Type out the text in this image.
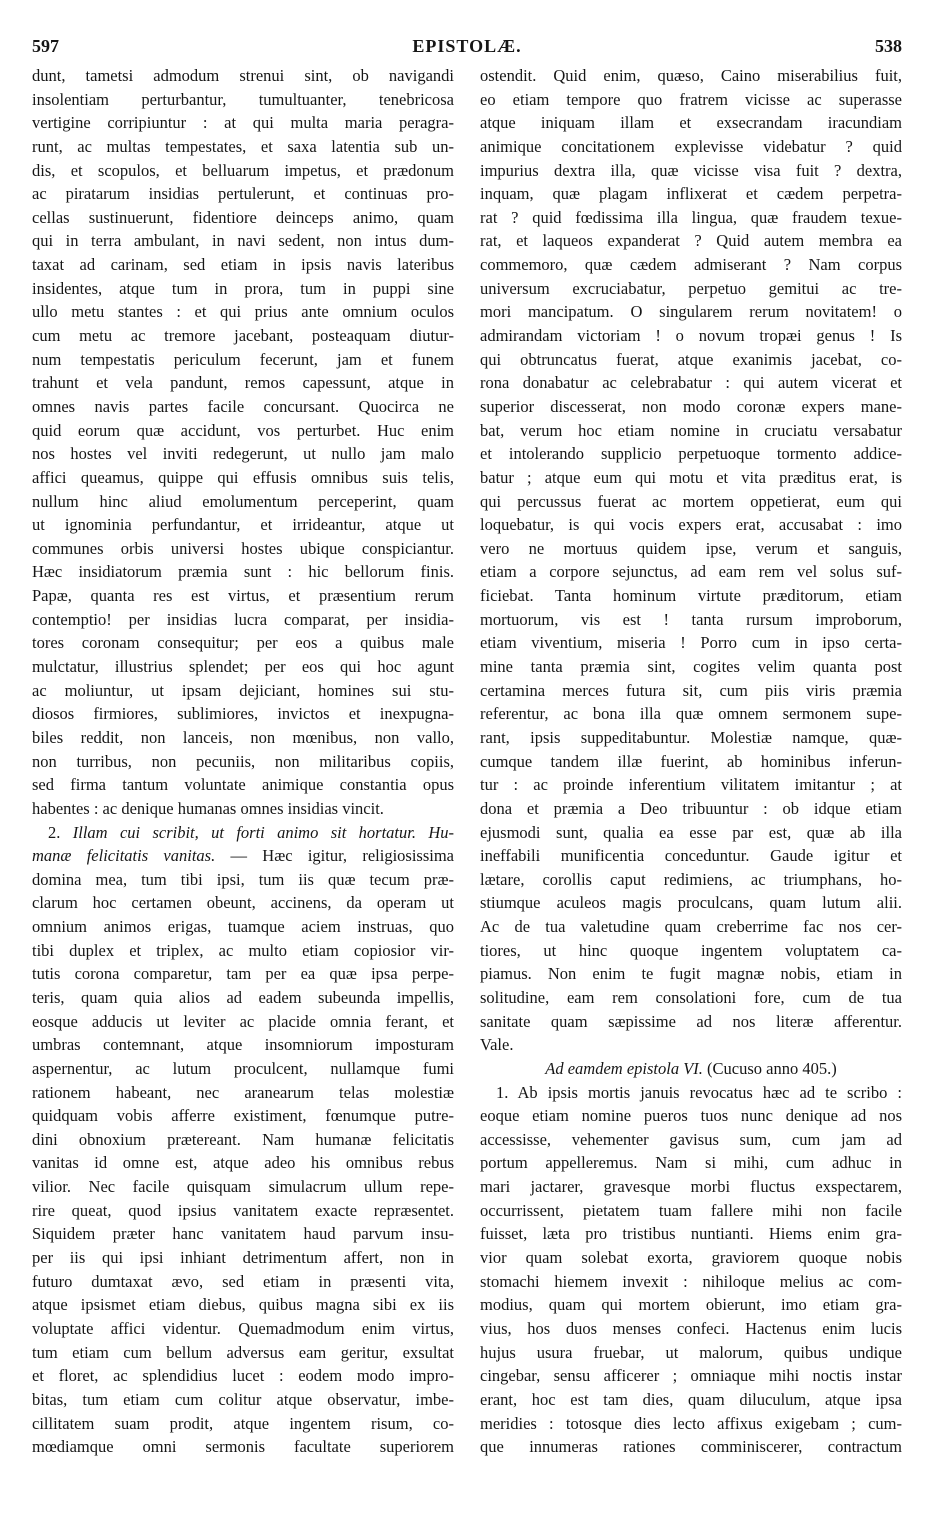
597	EPISTOLÆ.	538
dunt, tametsi admodum strenui sint, ob navigandi
insolentiam perturbantur, tumultuanter, tenebricosa
vertigine corripiuntur : at qui multa maria peragra-
runt, ac multas tempestates, et saxa latentia sub un-
dis, et scopulos, et belluarum impetus, et prædonum
ac piratarum insidias pertulerunt, et continuas pro-
cellas sustinuerunt, fidentiore deinceps animo, quam
qui in terra ambulant, in navi sedent, non intus dum-
taxat ad carinam, sed etiam in ipsis navis lateribus
insidentes, atque tum in prora, tum in puppi sine
ullo metu stantes : et qui prius ante omnium oculos
cum metu ac tremore jacebant, posteaquam diutur-
num tempestatis periculum fecerunt, jam et funem
trahunt et vela pandunt, remos capessunt, atque in
omnes navis partes facile concursant. Quocirca ne
quid eorum quæ accidunt, vos perturbet. Huc enim
nos hostes vel inviti redegerunt, ut nullo jam malo
affici queamus, quippe qui effusis omnibus suis telis,
nullum hinc aliud emolumentum perceperint, quam
ut ignominia perfundantur, et irrideantur, atque ut
communes orbis universi hostes ubique conspiciantur.
Hæc insidiatorum præmia sunt : hic bellorum finis.
Papæ, quanta res est virtus, et præsentium rerum
contemptio! per insidias lucra comparat, per insidia-
tores coronam consequitur; per eos a quibus male
mulctatur, illustrius splendet; per eos qui hoc agunt
ac moliuntur, ut ipsam dejiciant, homines sui stu-
diosos firmiores, sublimiores, invictos et inexpugna-
biles reddit, non lanceis, non mœnibus, non vallo,
non turribus, non pecuniis, non militaribus copiis,
sed firma tantum voluntate animique constantia opus
habentes : ac denique humanas omnes insidias vincit.
2. Illam cui scribit, ut forti animo sit hortatur. Hu-
manæ felicitatis vanitas. — Hæc igitur, religiosissima
domina mea, tum tibi ipsi, tum iis quæ tecum præ-
clarum hoc certamen obeunt, accinens, da operam ut
omnium animos erigas, tuamque aciem instruas, quo
tibi duplex et triplex, ac multo etiam copiosior vir-
tutis corona comparetur, tam per ea quæ ipsa perpe-
teris, quam quia alios ad eadem subeunda impellis,
eosque adducis ut leviter ac placide omnia ferant, et
umbras contemnant, atque insomniorum imposturam
aspernentur, ac lutum proculcent, nullamque fumi
rationem habeant, nec aranearum telas molestiæ
quidquam vobis afferre existiment, fœnumque putre-
dini obnoxium prætereant. Nam humanæ felicitatis
vanitas id omne est, atque adeo his omnibus rebus
vilior. Nec facile quisquam simulacrum ullum repe-
rire queat, quod ipsius vanitatem exacte repræsentet.
Siquidem præter hanc vanitatem haud parvum insu-
per iis qui ipsi inhiant detrimentum affert, non in
futuro dumtaxat ævo, sed etiam in præsenti vita,
atque ipsismet etiam diebus, quibus magna sibi ex iis
voluptate affici videntur. Quemadmodum enim virtus,
tum etiam cum bellum adversus eam geritur, exsultat
et floret, ac splendidius lucet : eodem modo impro-
bitas, tum etiam cum colitur atque observatur, imbe-
cillitatem suam prodit, atque ingentem risum, co-
mœdiamque omni sermonis facultate superiorem
ostendit. Quid enim, quæso, Caino miserabilius fuit,
eo etiam tempore quo fratrem vicisse ac superasse
atque iniquam illam et exsecrandam iracundiam
animique concitationem explevisse videbatur ? quid
impurius dextra illa, quæ vicisse visa fuit ? dextra,
inquam, quæ plagam inflixerat et cædem perpetra-
rat ? quid fœdissima illa lingua, quæ fraudem texue-
rat, et laqueos expanderat ? Quid autem membra ea
commemoro, quæ cædem admiserant ? Nam corpus
universum excruciabatur, perpetuo gemitui ac tre-
mori mancipatum. O singularem rerum novitatem! o
admirandam victoriam ! o novum tropæi genus ! Is
qui obtruncatus fuerat, atque exanimis jacebat, co-
rona donabatur ac celebrabatur : qui autem vicerat et
superior discesserat, non modo coronæ expers mane-
bat, verum hoc etiam nomine in cruciatu versabatur
et intolerando supplicio perpetuoque tormento addice-
batur ; atque eum qui motu et vita præditus erat, is
qui percussus fuerat ac mortem oppetierat, eum qui
loquebatur, is qui vocis expers erat, accusabat : imo
vero ne mortuus quidem ipse, verum et sanguis,
etiam a corpore sejunctus, ad eam rem vel solus suf-
ficiebat. Tanta hominum virtute præditorum, etiam
mortuorum, vis est ! tanta rursum improborum,
etiam viventium, miseria ! Porro cum in ipso certa-
mine tanta præmia sint, cogites velim quanta post
certamina merces futura sit, cum piis viris præmia
referentur, ac bona illa quæ omnem sermonem supe-
rant, ipsis suppeditabuntur. Molestiæ namque, quæ-
cumque tandem illæ fuerint, ab hominibus inferun-
tur : ac proinde inferentium vilitatem imitantur ; at
dona et præmia a Deo tribuuntur : ob idque etiam
ejusmodi sunt, qualia ea esse par est, quæ ab illa
ineffabili munificentia conceduntur. Gaude igitur et
lætare, corollis caput redimiens, ac triumphans, ho-
stiumque aculeos magis proculcans, quam lutum alii.
Ac de tua valetudine quam creberrime fac nos cer-
tiores, ut hinc quoque ingentem voluptatem ca-
piamus. Non enim te fugit magnæ nobis, etiam in
solitudine, eam rem consolationi fore, cum de tua
sanitate quam sæpissime ad nos literæ afferentur.
Vale.
Ad eamdem epistola VI. (Cucuso anno 405.)
1. Ab ipsis mortis januis revocatus hæc ad te scribo :
eoque etiam nomine pueros tuos nunc denique ad nos
accessisse, vehementer gavisus sum, cum jam ad
portum appelleremus. Nam si mihi, cum adhuc in
mari jactarer, gravesque morbi fluctus exspectarem,
occurrissent, pietatem tuam fallere mihi non facile
fuisset, læta pro tristibus nuntianti. Hiems enim gra-
vior quam solebat exorta, graviorem quoque nobis
stomachi hiemem invexit : nihiloque melius ac com-
modius, quam qui mortem obierunt, imo etiam gra-
vius, hos duos menses confeci. Hactenus enim lucis
hujus usura fruebar, ut malorum, quibus undique
cingebar, sensu afficerer ; omniaque mihi noctis instar
erant, hoc est tam dies, quam diluculum, atque ipsa
meridies : totosque dies lecto affixus exigebam ; cum-
que innumeras rationes comminiscerer, contractum
